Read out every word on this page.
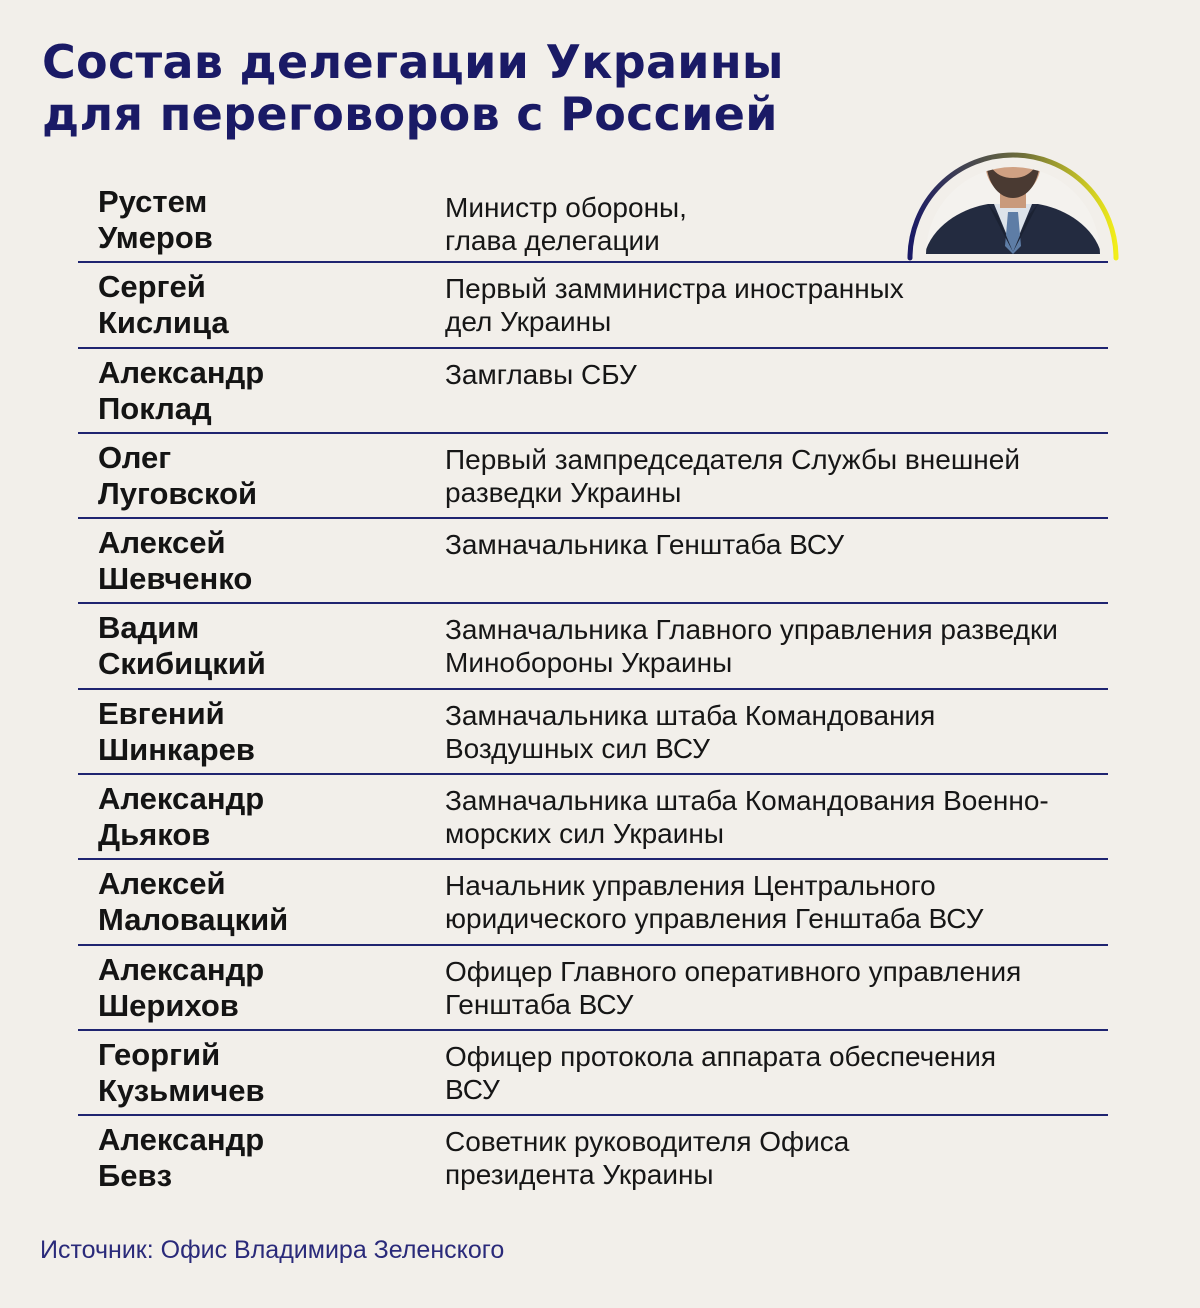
Состав делегации Украины
для переговоров с Россией
Рустем
Умеров
Министр обороны,
глава делегации
Сергей
Кислица
Первый замминистра иностранных
дел Украины
Александр
Поклад
Замглавы СБУ
Олег
Луговской
Первый зампредседателя Службы внешней
разведки Украины
Алексей
Шевченко
Замначальника Генштаба ВСУ
Вадим
Скибицкий
Замначальника Главного управления разведки
Минобороны Украины
Евгений
Шинкарев
Замначальника штаба Командования
Воздушных сил ВСУ
Александр
Дьяков
Замначальника штаба Командования Военно-
морских сил Украины
Алексей
Маловацкий
Начальник управления Центрального
юридического управления Генштаба ВСУ
Александр
Шерихов
Офицер Главного оперативного управления
Генштаба ВСУ
Георгий
Кузьмичев
Офицер протокола аппарата обеспечения
ВСУ
Александр
Бевз
Советник руководителя Офиса
президента Украины
Источник: Офис Владимира Зеленского
